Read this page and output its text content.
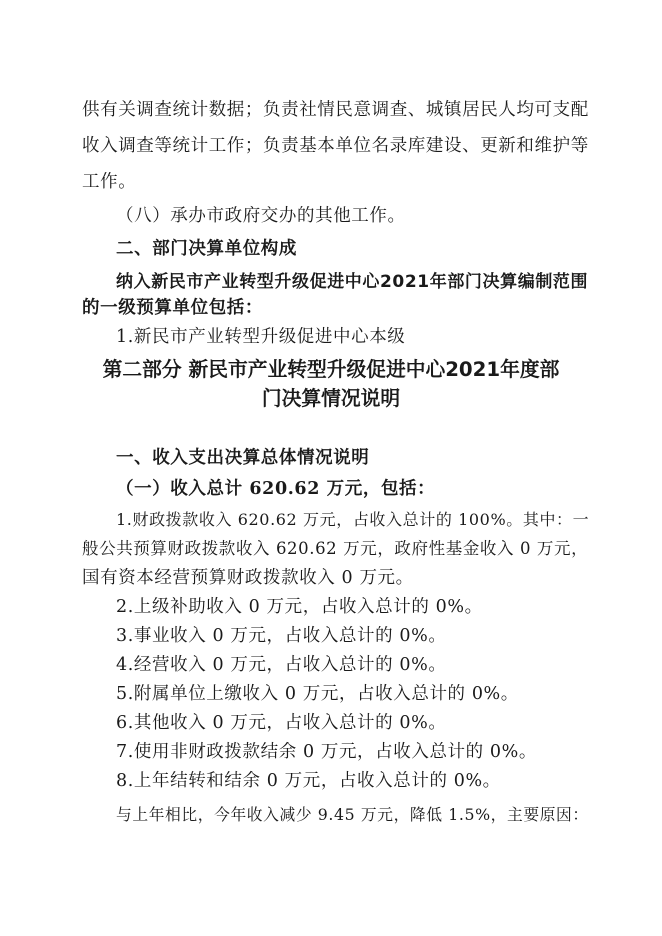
供有关调查统计数据；负责社情民意调查、城镇居民人均可支配
收入调查等统计工作；负责基本单位名录库建设、更新和维护等
工作。
（八）承办市政府交办的其他工作。
二、部门决算单位构成
纳入新民市产业转型升级促进中心2021年部门决算编制范围
的一级预算单位包括：
1.新民市产业转型升级促进中心本级
第二部分 新民市产业转型升级促进中心2021年度部
门决算情况说明
一、收入支出决算总体情况说明
（一）收入总计 620.62 万元，包括：
1.财政拨款收入 620.62 万元，占收入总计的 100%。其中：一
般公共预算财政拨款收入 620.62 万元，政府性基金收入 0 万元，
国有资本经营预算财政拨款收入 0 万元。
2.上级补助收入 0 万元，占收入总计的 0%。
3.事业收入 0 万元，占收入总计的 0%。
4.经营收入 0 万元，占收入总计的 0%。
5.附属单位上缴收入 0 万元，占收入总计的 0%。
6.其他收入 0 万元，占收入总计的 0%。
7.使用非财政拨款结余 0 万元，占收入总计的 0%。
8.上年结转和结余 0 万元，占收入总计的 0%。
与上年相比，今年收入减少 9.45 万元，降低 1.5%，主要原因：
